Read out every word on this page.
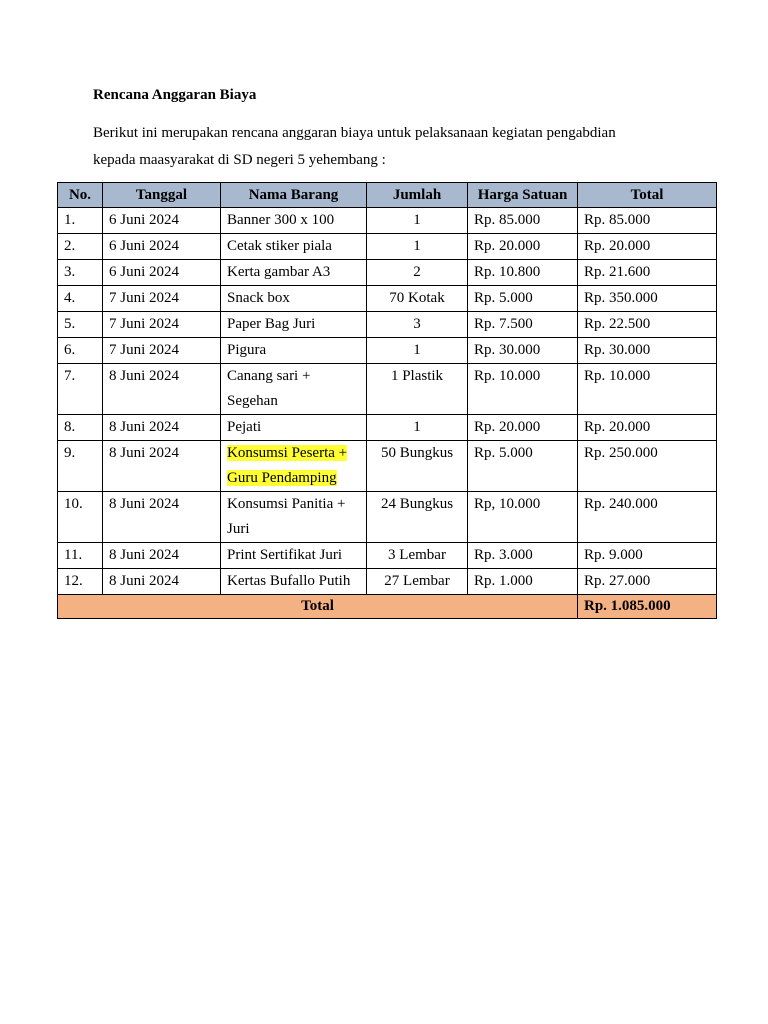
Rencana Anggaran Biaya
Berikut ini merupakan rencana anggaran biaya untuk pelaksanaan kegiatan pengabdian
kepada maasyarakat di SD negeri 5 yehembang :
No.	Tanggal	Nama Barang	Jumlah	Harga Satuan	Total
1.	6 Juni 2024	Banner 300 x 100	1	Rp. 85.000	Rp. 85.000
2.	6 Juni 2024	Cetak stiker piala	1	Rp. 20.000	Rp. 20.000
3.	6 Juni 2024	Kerta gambar A3	2	Rp. 10.800	Rp. 21.600
4.	7 Juni 2024	Snack box	70 Kotak	Rp. 5.000	Rp. 350.000
5.	7 Juni 2024	Paper Bag Juri	3	Rp. 7.500	Rp. 22.500
6.	7 Juni 2024	Pigura	1	Rp. 30.000	Rp. 30.000
7.	8 Juni 2024	Canang sari +
Segehan	1 Plastik	Rp. 10.000	Rp. 10.000
8.	8 Juni 2024	Pejati	1	Rp. 20.000	Rp. 20.000
9.	8 Juni 2024	Konsumsi Peserta +
Guru Pendamping	50 Bungkus	Rp. 5.000	Rp. 250.000
10.	8 Juni 2024	Konsumsi Panitia +
Juri	24 Bungkus	Rp, 10.000	Rp. 240.000
11.	8 Juni 2024	Print Sertifikat Juri	3 Lembar	Rp. 3.000	Rp. 9.000
12.	8 Juni 2024	Kertas Bufallo Putih	27 Lembar	Rp. 1.000	Rp. 27.000
Total					Rp. 1.085.000
